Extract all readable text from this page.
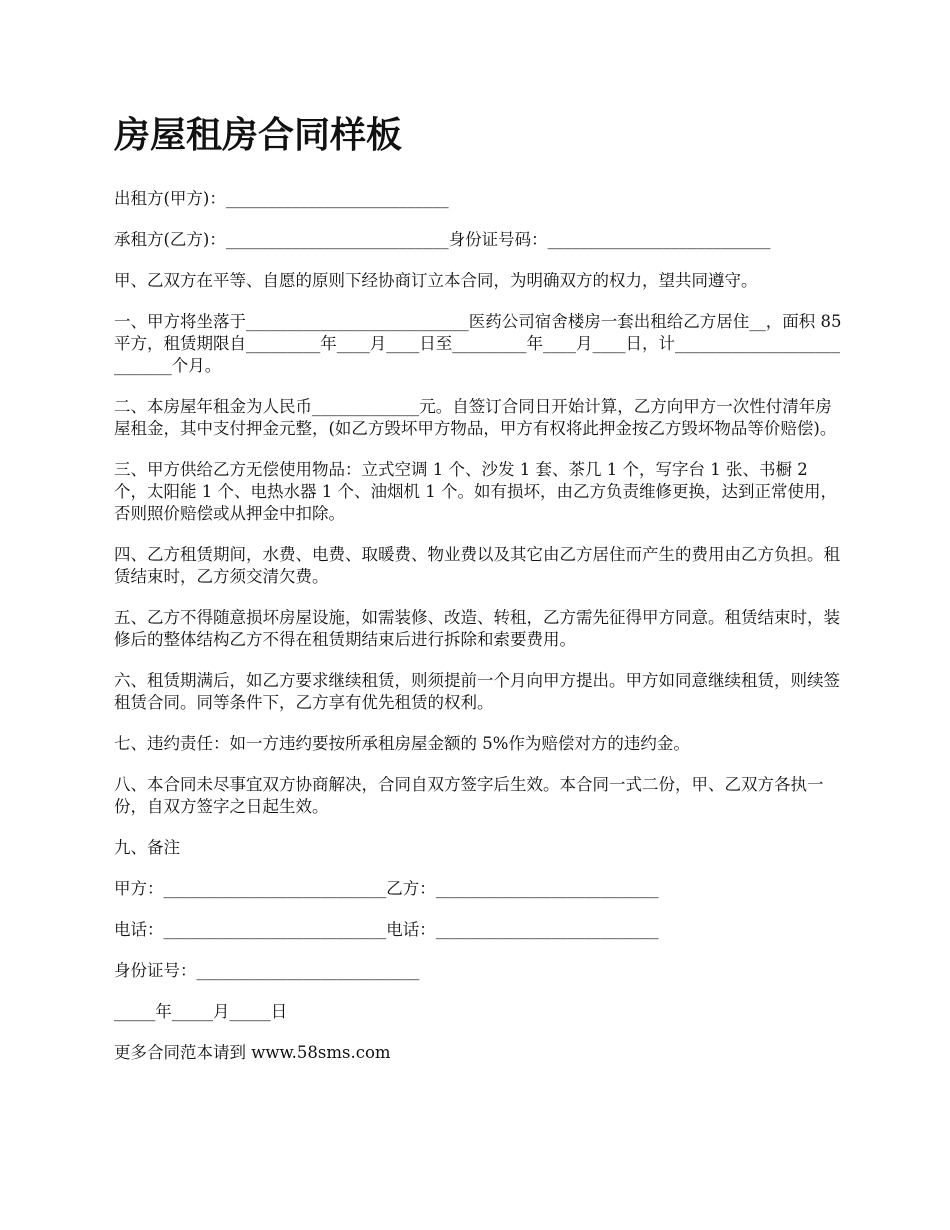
房屋租房合同样板

出租方(甲方)：___________________________

承租方(乙方)：___________________________身份证号码：___________________________

甲、乙双方在平等、自愿的原则下经协商订立本合同，为明确双方的权力，望共同遵守。

一、甲方将坐落于___________________________医药公司宿舍楼房一套出租给乙方居住__，面积 85 平方，租赁期限自_________年____月____日至_________年____月____日，计___________________________个月。

二、本房屋年租金为人民币_____________元。自签订合同日开始计算，乙方向甲方一次性付清年房屋租金，其中支付押金元整，(如乙方毁坏甲方物品，甲方有权将此押金按乙方毁坏物品等价赔偿)。

三、甲方供给乙方无偿使用物品：立式空调 1 个、沙发 1 套、茶几 1 个，写字台 1 张、书橱 2 个，太阳能 1 个、电热水器 1 个、油烟机 1 个。如有损坏，由乙方负责维修更换，达到正常使用，否则照价赔偿或从押金中扣除。

四、乙方租赁期间，水费、电费、取暖费、物业费以及其它由乙方居住而产生的费用由乙方负担。租赁结束时，乙方须交清欠费。

五、乙方不得随意损坏房屋设施，如需装修、改造、转租，乙方需先征得甲方同意。租赁结束时，装修后的整体结构乙方不得在租赁期结束后进行拆除和索要费用。

六、租赁期满后，如乙方要求继续租赁，则须提前一个月向甲方提出。甲方如同意继续租赁，则续签租赁合同。同等条件下，乙方享有优先租赁的权利。

七、违约责任：如一方违约要按所承租房屋金额的 5%作为赔偿对方的违约金。

八、本合同未尽事宜双方协商解决，合同自双方签字后生效。本合同一式二份，甲、乙双方各执一份，自双方签字之日起生效。

九、备注

甲方：___________________________乙方：___________________________

电话：___________________________电话：___________________________

身份证号：___________________________

_____年_____月_____日

更多合同范本请到 www.58sms.com
